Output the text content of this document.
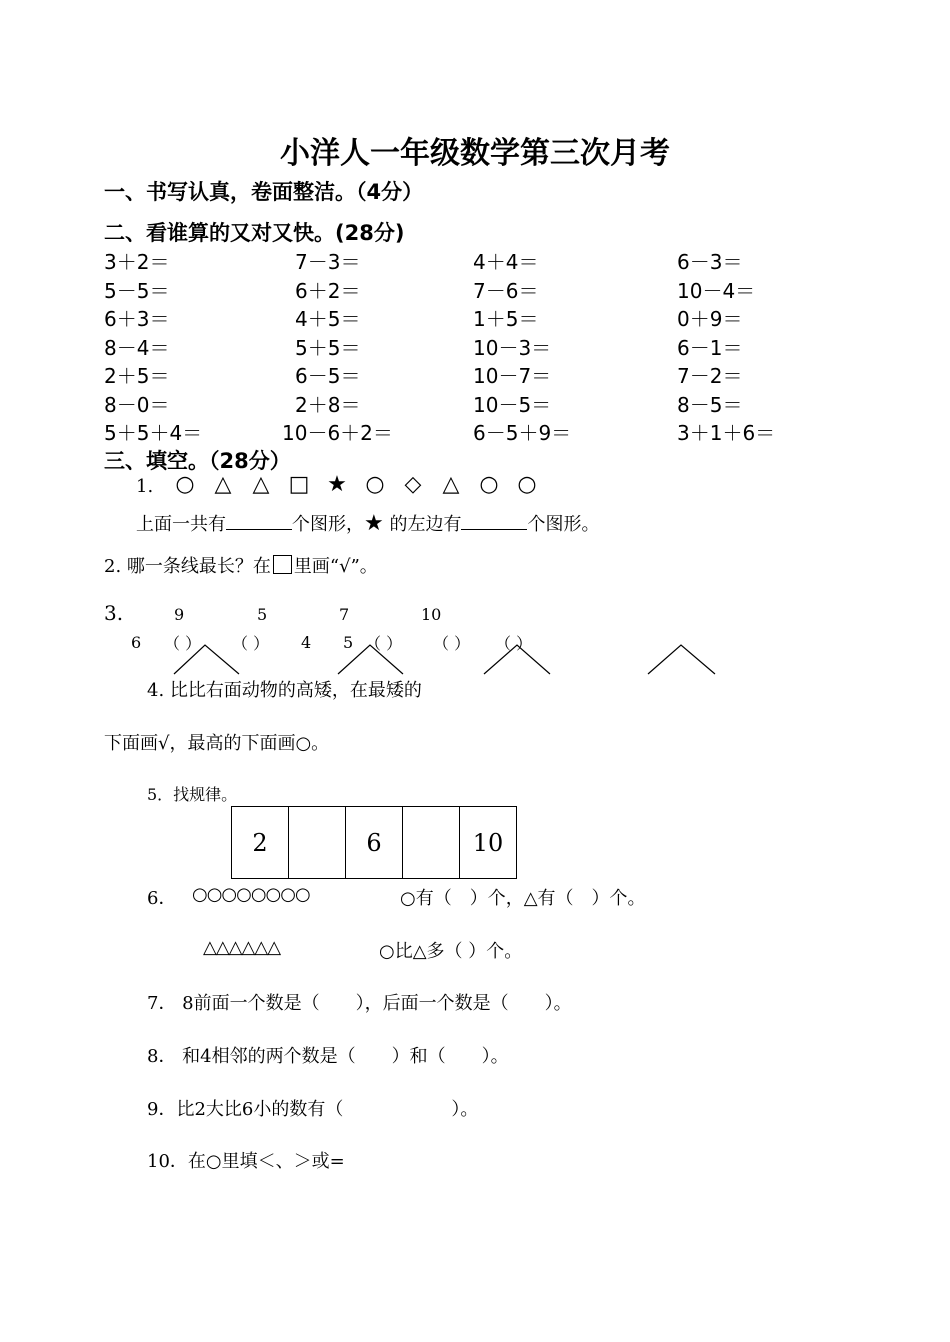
小洋人一年级数学第三次月考
一、书写认真，卷面整洁。（4分）
二、看谁算的又对又快。(28分)
3＋2＝	7－3＝	4＋4＝	6－3＝
5－5＝	6＋2＝	7－6＝	10－4＝
6＋3＝	4＋5＝	1＋5＝	0＋9＝
8－4＝	5＋5＝	10－3＝	6－1＝
2＋5＝	6－5＝	10－7＝	7－2＝
8－0＝	2＋8＝	10－5＝	8－5＝
5＋5＋4＝	10－6＋2＝	6－5＋9＝	3＋1＋6＝
三、填空。（28分）
1.	○ △ △ □ ★ ○ ◇ △ ○ ○
上面一共有	个图形，★ 的左边有	个图形。
2. 哪一条线最长？在 里画“√”。
3.	9	5	7	10
6 （ ） （ ） 4 5 （ ） （ ） （ ）
4. 比比右面动物的高矮，在最矮的
下面画√，最高的下面画○。
5．找规律。
2		6		10
6． ○○○○○○○○	○有（　）个，△有（　）个。
△△△△△△	○比△多（ ）个。
7． 8前面一个数是（　　），后面一个数是（　　）。
8． 和4相邻的两个数是（　　）和（　　）。
9．比2大比6小的数有（　　　　　　）。
10．在○里填＜、＞或=
